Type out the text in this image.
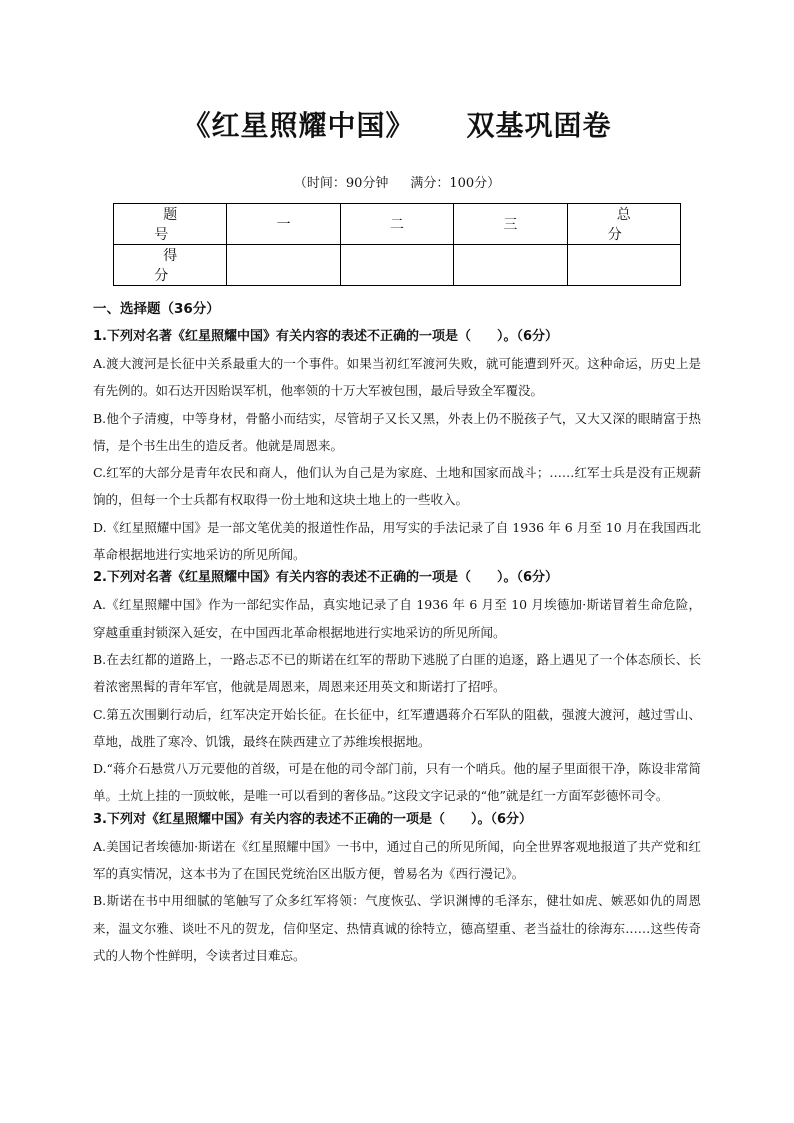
《红星照耀中国》 双基巩固卷
（时间：90分钟 满分：100分）
题　号	一	二	三	总　分
得　分				
一、选择题（36分）
1.下列对名著《红星照耀中国》有关内容的表述不正确的一项是（　　）。（6分）

A.渡大渡河是长征中关系最重大的一个事件。如果当初红军渡河失败，就可能遭到歼灭。这种命运，历史上是有先例的。如石达开因贻误军机，他率领的十万大军被包围，最后导致全军覆没。

B.他个子清瘦，中等身材，骨骼小而结实，尽管胡子又长又黑，外表上仍不脱孩子气，又大又深的眼睛富于热情，是个书生出生的造反者。他就是周恩来。

C.红军的大部分是青年农民和商人，他们认为自己是为家庭、土地和国家而战斗；……红军士兵是没有正规薪饷的，但每一个士兵都有权取得一份土地和这块土地上的一些收入。

D.《红星照耀中国》是一部文笔优美的报道性作品，用写实的手法记录了自 1936 年 6 月至 10 月在我国西北革命根据地进行实地采访的所见所闻。

2.下列对名著《红星照耀中国》有关内容的表述不正确的一项是（　　）。（6分）

A.《红星照耀中国》作为一部纪实作品，真实地记录了自 1936 年 6 月至 10 月埃德加·斯诺冒着生命危险，穿越重重封锁深入延安，在中国西北革命根据地进行实地采访的所见所闻。

B.在去红都的道路上，一路忐忑不已的斯诺在红军的帮助下逃脱了白匪的追逐，路上遇见了一个体态颀长、长着浓密黑髯的青年军官，他就是周恩来，周恩来还用英文和斯诺打了招呼。

C.第五次围剿行动后，红军决定开始长征。在长征中，红军遭遇蒋介石军队的阻截，强渡大渡河，越过雪山、草地，战胜了寒冷、饥饿，最终在陕西建立了苏维埃根据地。

D.“蒋介石悬赏八万元要他的首级，可是在他的司令部门前，只有一个哨兵。他的屋子里面很干净，陈设非常简单。土炕上挂的一顶蚊帐，是唯一可以看到的奢侈品。”这段文字记录的“他”就是红一方面军彭德怀司令。

3.下列对《红星照耀中国》有关内容的表述不正确的一项是（　　）。（6分）

A.美国记者埃德加·斯诺在《红星照耀中国》一书中，通过自己的所见所闻，向全世界客观地报道了共产党和红军的真实情况，这本书为了在国民党统治区出版方便，曾易名为《西行漫记》。

B.斯诺在书中用细腻的笔触写了众多红军将领：气度恢弘、学识渊博的毛泽东，健壮如虎、嫉恶如仇的周恩来，温文尔雅、谈吐不凡的贺龙，信仰坚定、热情真诚的徐特立，德高望重、老当益壮的徐海东……这些传奇式的人物个性鲜明，令读者过目难忘。
